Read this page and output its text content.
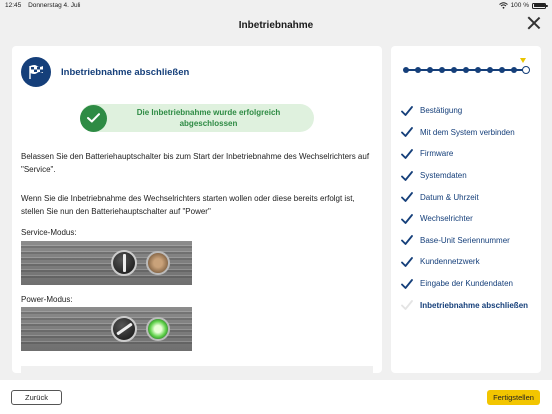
12:45 Donnerstag 4. Juli	100 %
Inbetriebnahme
Inbetriebnahme abschließen
Die Inbetriebnahme wurde erfolgreich abgeschlossen
Belassen Sie den Batteriehauptschalter bis zum Start der Inbetriebnahme des Wechselrichters auf "Service".
Wenn Sie die Inbetriebnahme des Wechselrichters starten wollen oder diese bereits erfolgt ist, stellen Sie nun den Batteriehauptschalter auf "Power"
Service-Modus:
Power-Modus:
Bestätigung
Mit dem System verbinden
Firmware
Systemdaten
Datum & Uhrzeit
Wechselrichter
Base-Unit Seriennummer
Kundennetzwerk
Eingabe der Kundendaten
Inbetriebnahme abschließen
Zurück	Fertigstellen
